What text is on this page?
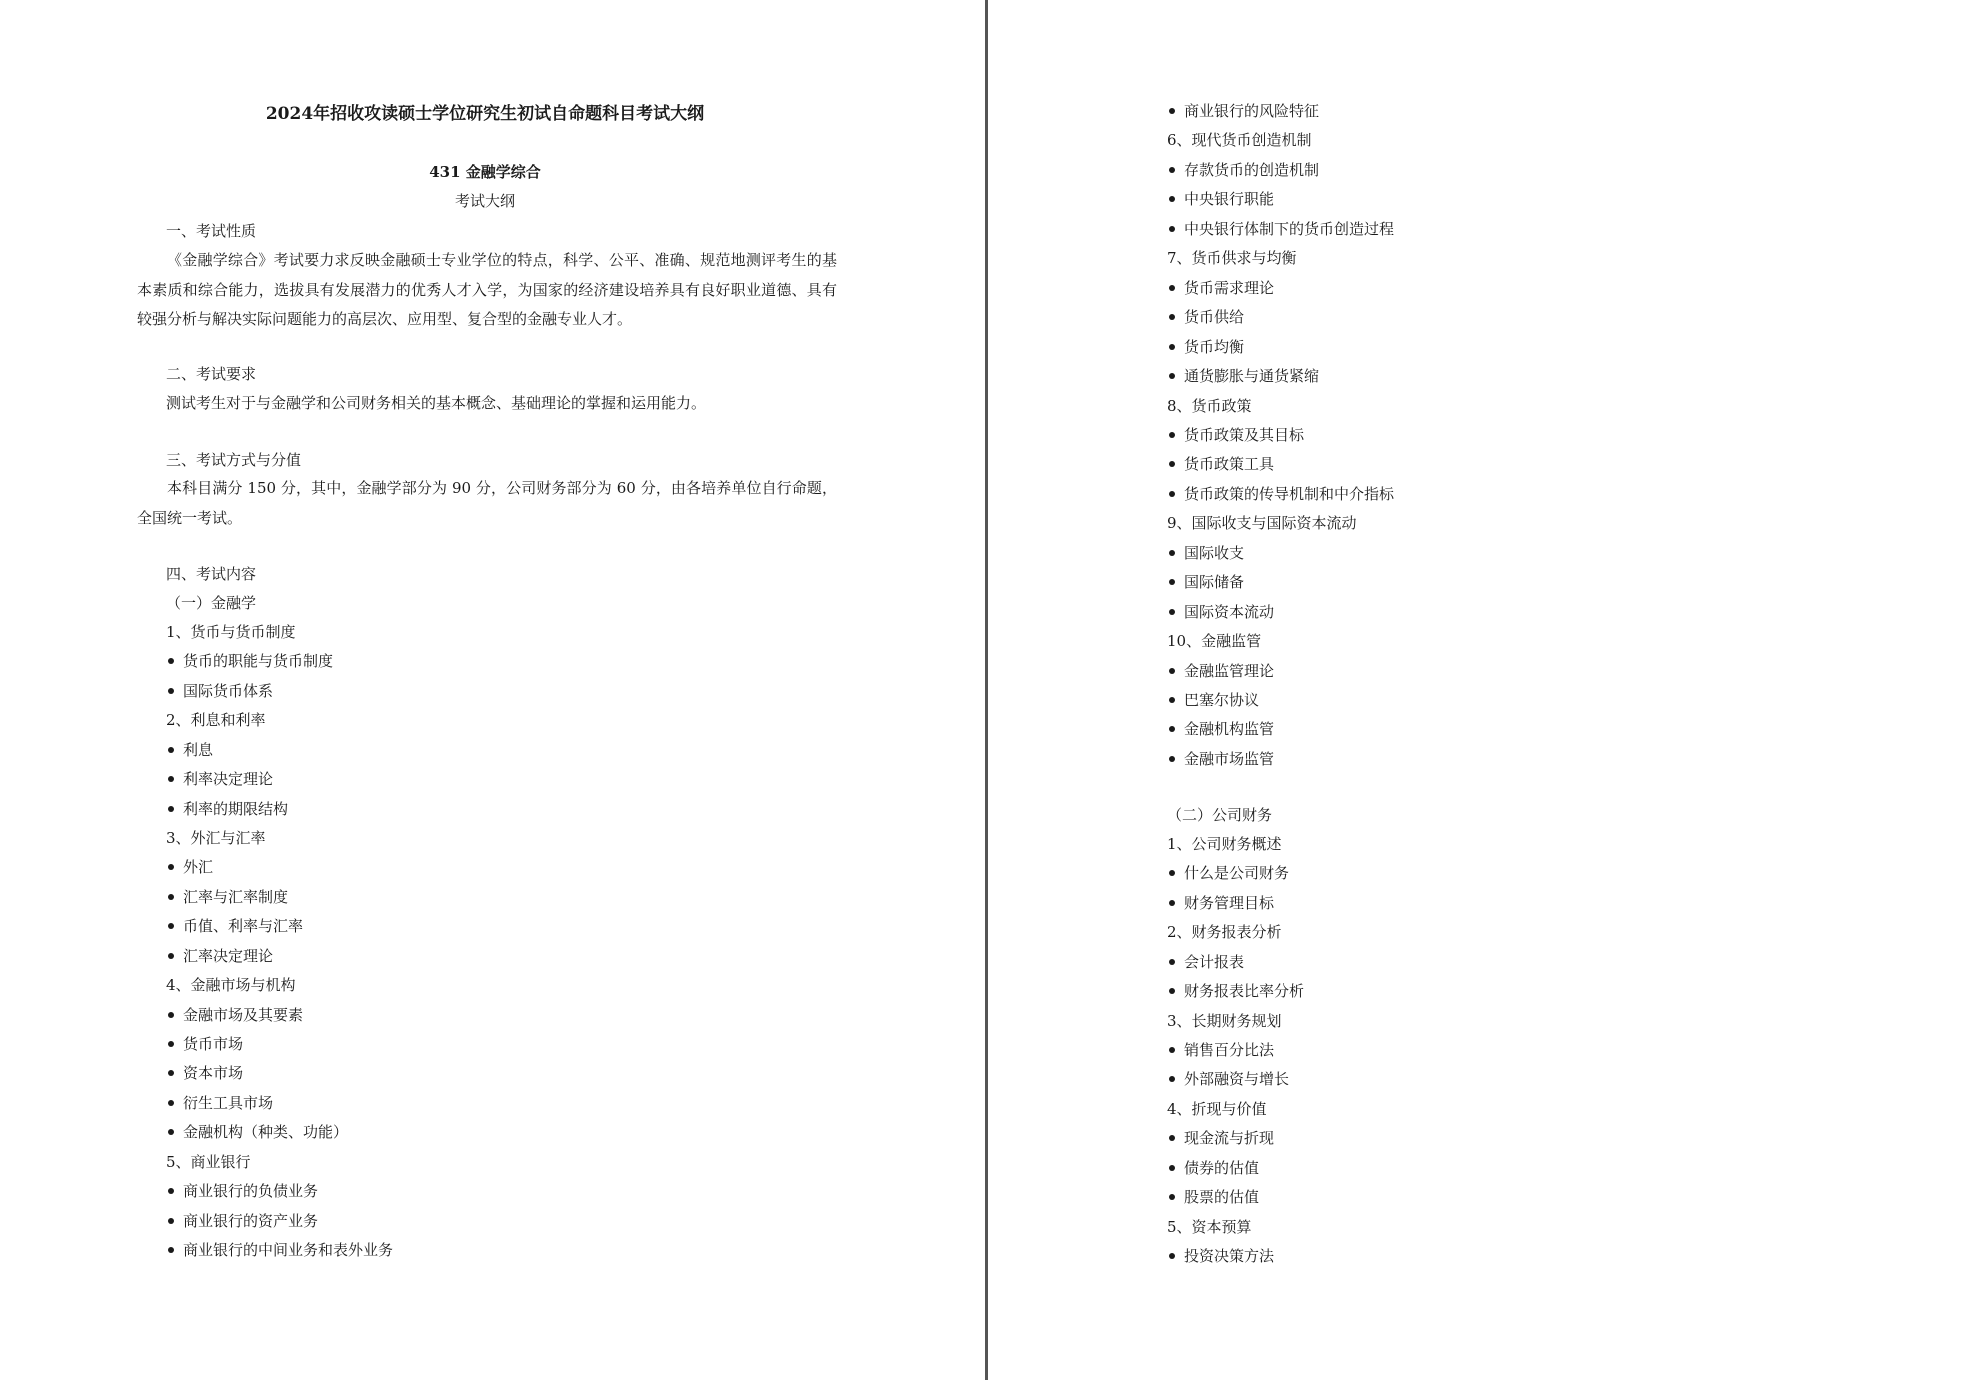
2024年招收攻读硕士学位研究生初试自命题科目考试大纲
431 金融学综合
考试大纲
一、考试性质
《金融学综合》考试要力求反映金融硕士专业学位的特点，科学、公平、准确、规范地测评考生的基本素质和综合能力，选拔具有发展潜力的优秀人才入学，为国家的经济建设培养具有良好职业道德、具有较强分析与解决实际问题能力的高层次、应用型、复合型的金融专业人才。
二、考试要求
测试考生对于与金融学和公司财务相关的基本概念、基础理论的掌握和运用能力。
三、考试方式与分值
本科目满分 150 分，其中，金融学部分为 90 分，公司财务部分为 60 分，由各培养单位自行命题，全国统一考试。
四、考试内容
（一）金融学
1、货币与货币制度
货币的职能与货币制度
国际货币体系
2、利息和利率
利息
利率决定理论
利率的期限结构
3、外汇与汇率
外汇
汇率与汇率制度
币值、利率与汇率
汇率决定理论
4、金融市场与机构
金融市场及其要素
货币市场
资本市场
衍生工具市场
金融机构（种类、功能）
5、商业银行
商业银行的负债业务
商业银行的资产业务
商业银行的中间业务和表外业务
商业银行的风险特征
6、现代货币创造机制
存款货币的创造机制
中央银行职能
中央银行体制下的货币创造过程
7、货币供求与均衡
货币需求理论
货币供给
货币均衡
通货膨胀与通货紧缩
8、货币政策
货币政策及其目标
货币政策工具
货币政策的传导机制和中介指标
9、国际收支与国际资本流动
国际收支
国际储备
国际资本流动
10、金融监管
金融监管理论
巴塞尔协议
金融机构监管
金融市场监管
（二）公司财务
1、公司财务概述
什么是公司财务
财务管理目标
2、财务报表分析
会计报表
财务报表比率分析
3、长期财务规划
销售百分比法
外部融资与增长
4、折现与价值
现金流与折现
债券的估值
股票的估值
5、资本预算
投资决策方法
